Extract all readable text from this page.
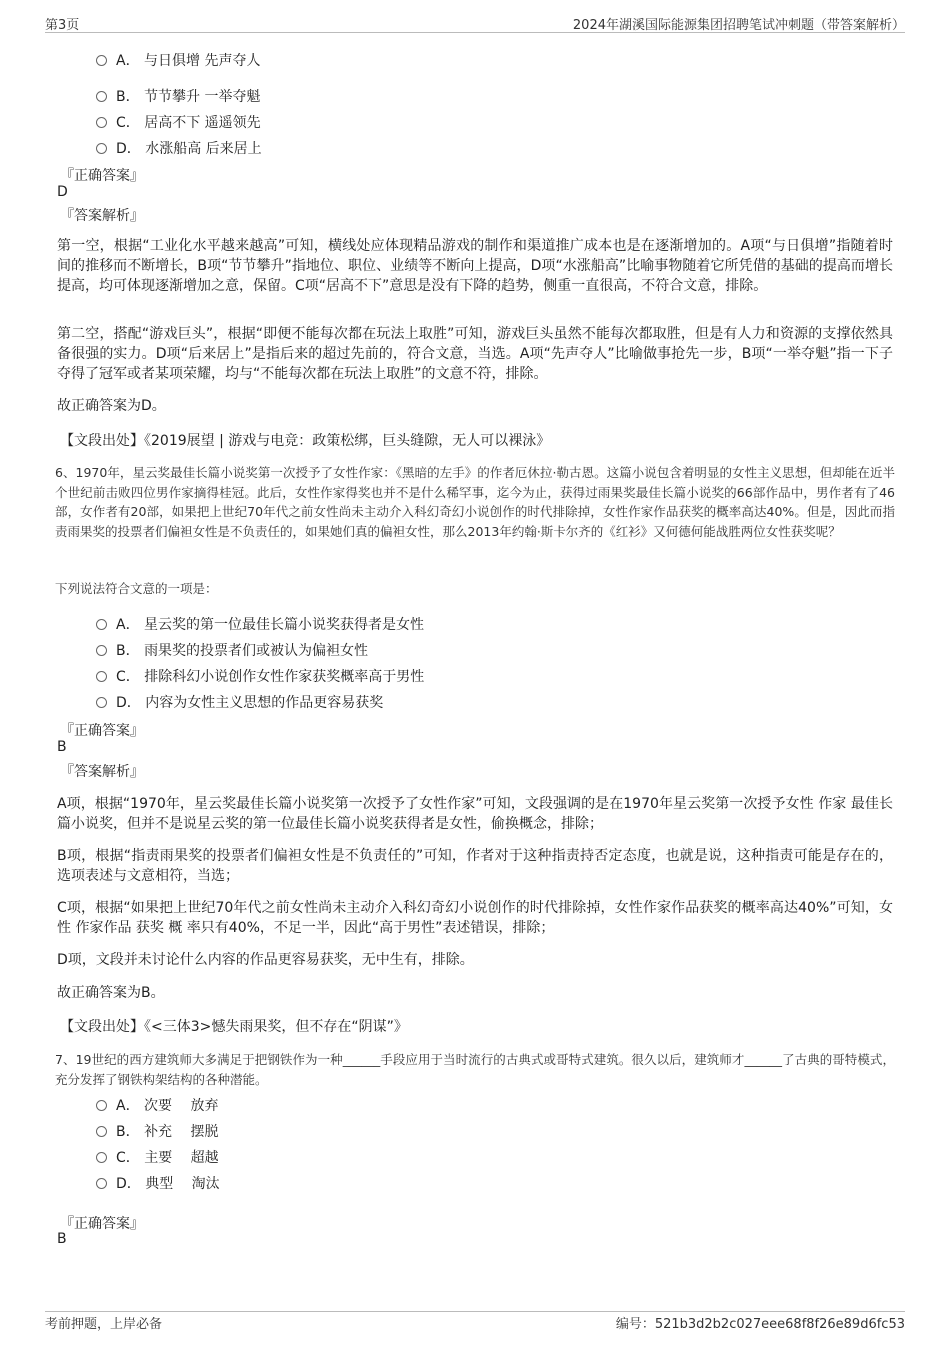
第3页	2024年湖溪国际能源集团招聘笔试冲刺题（带答案解析）
A． 与日俱增 先声夺人
B． 节节攀升 一举夺魁
C． 居高不下 遥遥领先
D． 水涨船高 后来居上
『正确答案』
D
『答案解析』
第一空，根据“工业化水平越来越高”可知，横线处应体现精品游戏的制作和渠道推广成本也是在逐渐增加的。A项“与日俱增”指随着时间的推移而不断增长，B项“节节攀升”指地位、职位、业绩等不断向上提高，D项“水涨船高”比喻事物随着它所凭借的基础的提高而增长提高，均可体现逐渐增加之意，保留。C项“居高不下”意思是没有下降的趋势，侧重一直很高，不符合文意，排除。
第二空，搭配“游戏巨头”，根据“即便不能每次都在玩法上取胜”可知，游戏巨头虽然不能每次都取胜，但是有人力和资源的支撑依然具备很强的实力。D项“后来居上”是指后来的超过先前的，符合文意，当选。A项“先声夺人”比喻做事抢先一步，B项“一举夺魁”指一下子夺得了冠军或者某项荣耀，均与“不能每次都在玩法上取胜”的文意不符，排除。
故正确答案为D。
【文段出处】《2019展望 | 游戏与电竞：政策松绑，巨头缝隙，无人可以裸泳》
6、1970年，星云奖最佳长篇小说奖第一次授予了女性作家：《黑暗的左手》的作者厄休拉·勒古恩。这篇小说包含着明显的女性主义思想，但却能在近半个世纪前击败四位男作家摘得桂冠。此后，女性作家得奖也并不是什么稀罕事，迄今为止，获得过雨果奖最佳长篇小说奖的66部作品中，男作者有了46部，女作者有20部，如果把上世纪70年代之前女性尚未主动介入科幻奇幻小说创作的时代排除掉，女性作家作品获奖的概率高达40%。但是，因此而指责雨果奖的投票者们偏袒女性是不负责任的，如果她们真的偏袒女性，那么2013年约翰·斯卡尔齐的《红衫》又何德何能战胜两位女性获奖呢？
下列说法符合文意的一项是：
A． 星云奖的第一位最佳长篇小说奖获得者是女性
B． 雨果奖的投票者们或被认为偏袒女性
C． 排除科幻小说创作女性作家获奖概率高于男性
D． 内容为女性主义思想的作品更容易获奖
『正确答案』
B
『答案解析』
A项，根据“1970年，星云奖最佳长篇小说奖第一次授予了女性作家”可知，文段强调的是在1970年星云奖第一次授予女性 作家 最佳长篇小说奖，但并不是说星云奖的第一位最佳长篇小说奖获得者是女性，偷换概念，排除；
B项，根据“指责雨果奖的投票者们偏袒女性是不负责任的”可知，作者对于这种指责持否定态度，也就是说，这种指责可能是存在的，选项表述与文意相符，当选；
C项，根据“如果把上世纪70年代之前女性尚未主动介入科幻奇幻小说创作的时代排除掉，女性作家作品获奖的概率高达40%”可知，女性 作家作品 获奖 概 率只有40%，不足一半，因此“高于男性”表述错误，排除；
D项，文段并未讨论什么内容的作品更容易获奖，无中生有，排除。
故正确答案为B。
【文段出处】《<三体3>憾失雨果奖，但不存在“阴谋”》
7、19世纪的西方建筑师大多满足于把钢铁作为一种______手段应用于当时流行的古典式或哥特式建筑。很久以后，建筑师才______了古典的哥特模式，充分发挥了钢铁构架结构的各种潜能。
A． 次要　 放弃
B． 补充　 摆脱
C． 主要　 超越
D． 典型　 淘汰
『正确答案』
B
考前押题，上岸必备	编号：521b3d2b2c027eee68f8f26e89d6fc53
